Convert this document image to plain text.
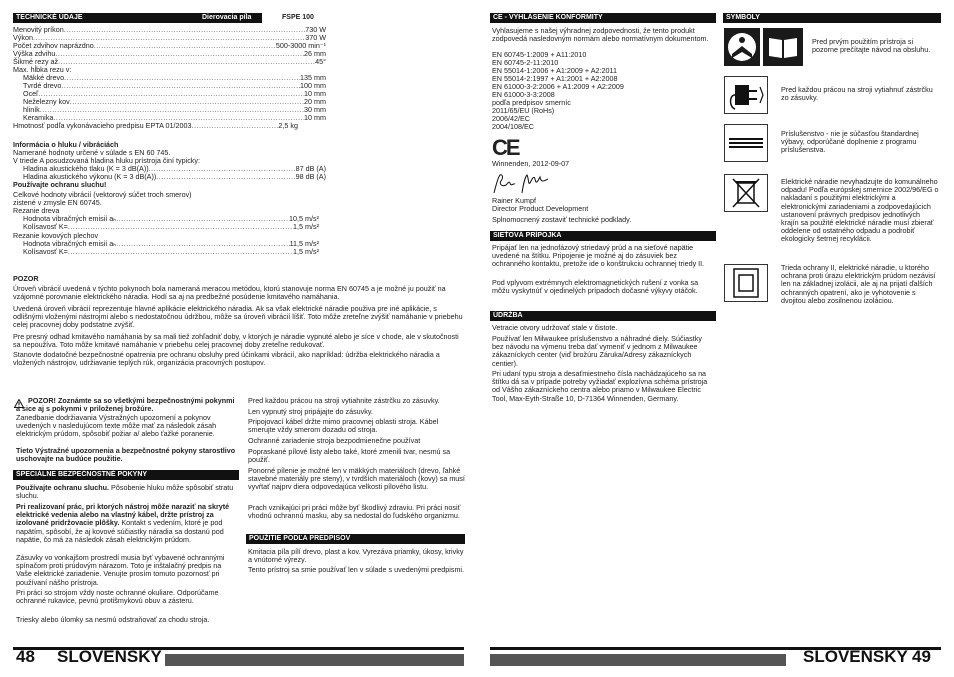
TECHNICKÉ ÚDAJE	Dierovacia píla	FSPE 100
Menovitý príkon .....	730 W
Výkon .....	370 W
Počet zdvihov naprázdno .....	500-3000 min⁻¹
Výška zdvihu .....	26 mm
Šikmé rezy až .....	45°
Max. hĺbka rezu v:
Mäkké drevo .....	135 mm
Tvrdé drevo .....	100 mm
Oceľ .....	10 mm
Neželezny kov .....	20 mm
hliník .....	30 mm
Keramika .....	10 mm
Hmotnosť podľa vykonávacieho predpisu EPTA 01/2003 .....	2,5 kg
Informácia o hluku / vibráciách
Namerané hodnoty určené v súlade s EN 60 745.
V triede A posudzovaná hladina hluku prístroja činí typicky:
Hladina akustického tlaku (K = 3 dB(A)) .....	87 dB (A)
Hladina akustického výkonu (K = 3 dB(A)) .....	98 dB (A)
Používajte ochranu sluchu!
Celkové hodnoty vibrácií (vektorový súčet troch smerov)
zistené v zmysle EN 60745.
Rezanie dreva
Hodnota vibračných emisií aₕ .....	10,5 m/s²
Kolísavosť K= .....	1,5 m/s²
Rezanie kovových plechov
Hodnota vibračných emisií aₕ .....	11,5 m/s²
Kolísavosť K= .....	1,5 m/s²
POZOR
Úroveň vibrácií uvedená v týchto pokynoch bola nameraná meracou metódou, ktorú stanovuje norma EN 60745 a je možné ju použiť na vzájomné porovnanie elektrického náradia. Hodí sa aj na predbežné posúdenie kmitavého namáhania.
Uvedená úroveň vibrácií reprezentuje hlavné aplikácie elektrického náradia. Ak sa však elektrické náradie použiva pre iné aplikácie, s odlišnými vloženými nástrojmi alebo s nedostatočnou údržbou, môže sa úroveň vibrácií líšiť. Toto môže zreteľne zvýšiť namáhanie v priebehu celej pracovnej doby podstatne zvýšiť.
Pre presný odhad kmitavého namáhania by sa mali tiež zohľadniť doby, v ktorých je náradie vypnuté alebo je síce v chode, ale v skutočnosti sa nepoužíva. Toto môže kmitavé namáhanie v priebehu celej pracovnej doby zreteľne redukovať.
Stanovte dodatočné bezpečnostné opatrenia pre ochranu obsluhy pred účinkami vibrácií, ako napríklad: údržba elektrického náradia a vložených nástrojov, udržiavanie teplých rúk, organizácia pracovných postupov.
POZOR! Zoznámte sa so všetkými bezpečnostnými pokynmi a sice aj s pokynmi v priloženej brožúre.
Zanedbanie dodržiavania Výstražných upozornení a pokynov uvedených v nasledujúcom texte môže mať za následok zásah elektrickým prúdom, spôsobiť požiar a/ alebo ťažké poranenie.
Tieto Výstražné upozornenia a bezpečnostné pokyny starostlivo uschovajte na budúce použitie.
ŠPECIÁLNE BEZPEČNOSTNÉ POKYNY
Používajte ochranu sluchu. Pôsobenie hluku môže spôsobiť stratu sluchu.
Pri realizovaní prác, pri ktorých nástroj môže naraziť na skryté elektrické vedenia alebo na vlastný kábel, držte prístroj za izolované pridržovacie plôšky. Kontakt s vedením, ktoré je pod napätím, spôsobí, že aj kovové súčiastky náradia sa dostanú pod napätie, čo má za následok zásah elektrickým prúdom.
Zásuvky vo vonkajšom prostredí musia byť vybavené ochrannými spínačom proti prúdovým nárazom. Toto je inštalačný predpis na Vaše elektrické zariadenie. Venujte prosím tomuto pozornosť pri používaní nášho prístroja.
Pri práci so strojom vždy noste ochranné okuliare. Odporúčame ochranné rukavice, pevnú protišmykovú obuv a zásteru.
Triesky alebo úlomky sa nesmú odstraňovať za chodu stroja.
Pred každou prácou na stroji vytiahnite zástrčku zo zásuvky.
Len vypnutý stroj pripájajte do zásuvky.
Pripojovací kábel držte mimo pracovnej oblasti stroja. Kábel smerujte vždy smerom dozadu od stroja.
Ochranné zariadenie stroja bezpodmienečne používat
Popraskané pílové listy alebo také, ktoré zmenili tvar, nesmú sa použiť.
Ponorné pílenie je možné len v mäkkých materiáloch (drevo, ľahké stavebné materiály pre steny), v tvrdších materiáloch (kovy) sa musí vyvŕtať najprv diera odpovedajúca velkosti pílového listu.
Prach vznikajúci pri práci môže byť škodlivý zdraviu. Pri práci nosiť vhodnú ochrannú masku, aby sa nedostal do ľudského organizmu.
POUŽITIE PODĽA PREDPISOV
Kmitacia píla pílí drevo, plast a kov. Vyrezáva priamky, úkosy, krivky a vnútorné výrezy.
Tento prístroj sa smie používať len v súlade s uvedenými predpismi.
48 SLOVENSKY
CE - VYHLÁSENIE KONFORMITY
Vyhlasujeme s našej výhradnej zodpovednosti, že tento produkt zodpovedá nasledovným normám alebo normatívnym dokumentom.
EN 60745-1:2009 + A11:2010
EN 60745-2-11:2010
EN 55014-1:2006 + A1:2009 + A2:2011
EN 55014-2:1997 + A1:2001 + A2:2008
EN 61000-3-2:2006 + A1:2009 + A2:2009
EN 61000-3-3:2008
podľa predpisov smerníc
2011/65/EU (RoHs)
2006/42/EC
2004/108/EC
CE
Winnenden, 2012-09-07
Rainer Kumpf
Director Product Development
Splnomocnený zostaviť technické podklady.
SIEŤOVÁ PRÍPOJKA
Pripájať len na jednofázový striedavý prúd a na sieťové napätie uvedené na štítku. Pripojenie je možné aj do zásuviek bez ochranného kontaktu, pretože ide o konštrukciu ochrannej triedy II.
Pod vplyvom extrémnych elektromagnetických rušení z vonka sa môžu vyskytnúť v ojedinelých prípadoch dočasné výkyvy otáčok.
ÚDRŽBA
Vetracie otvory udržovať stale v čistote.
Používať len Milwaukee príslušenstvo a náhradné diely. Súčiastky bez návodu na výmenu treba dať vymeniť v jednom z Milwaukee zákazníckych center (viď brožúru Záruka/Adresy zákazníckych centier).
Pri udaní typu stroja a desaťmiestneho čísla nachádzajúceho sa na štítku dá sa v prípade potreby vyžiadať explozívna schéma prístroja od Vášho zákazníckeho centra alebo priamo v Milwaukee Electric Tool, Max-Eyth-Straße 10, D-71364 Winnenden, Germany.
SYMBOLY
Pred prvým použitím prístroja si pozorne prečítajte návod na obsluhu.
Pred každou prácou na stroji vytiahnuť zástrčku zo zásuvky.
Príslušenstvo - nie je súčasťou štandardnej výbavy, odporúčané doplnenie z programu príslušenstva.
Elektrické náradie nevyhadzujte do komunálneho odpadu! Podľa európskej smernice 2002/96/EG o nakladaní s použitými elektrickými a elektronickými zariadeniami a zodpovedajúcich ustanovení právnych predpisov jednotlivých krajín sa použité elektrické náradie musí zbierať oddelene od ostatného odpadu a podrobiť ekologicky šetrnej recyklácii.
Trieda ochrany II, elektrické náradie, u ktorého ochrana proti úrazu elektrickým prúdom nezávisí len na základnej izolácii, ale aj na prijatí ďalších ochranných opatrení, ako je vyhotovenie s dvojitou alebo zosilnenou izoláciou.
SLOVENSKY 49
